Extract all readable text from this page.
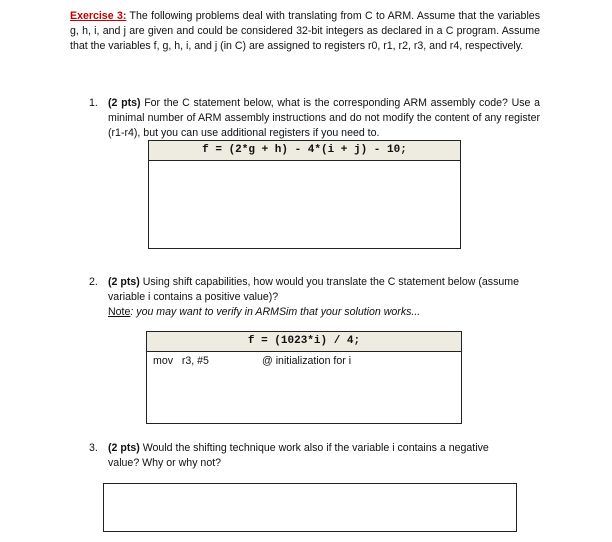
Exercise 3: The following problems deal with translating from C to ARM. Assume that the variables g, h, i, and j are given and could be considered 32-bit integers as declared in a C program. Assume that the variables f, g, h, i, and j (in C) are assigned to registers r0, r1, r2, r3, and r4, respectively.
1. (2 pts) For the C statement below, what is the corresponding ARM assembly code? Use a minimal number of ARM assembly instructions and do not modify the content of any register (r1-r4), but you can use additional registers if you need to.
f = (2*g + h) - 4*(i + j) - 10;
2. (2 pts) Using shift capabilities, how would you translate the C statement below (assume variable i contains a positive value)?
Note: you may want to verify in ARMSim that your solution works...
f = (1023*i) / 4;
mov   r3, #5	@ initialization for i
3. (2 pts) Would the shifting technique work also if the variable i contains a negative value? Why or why not?
